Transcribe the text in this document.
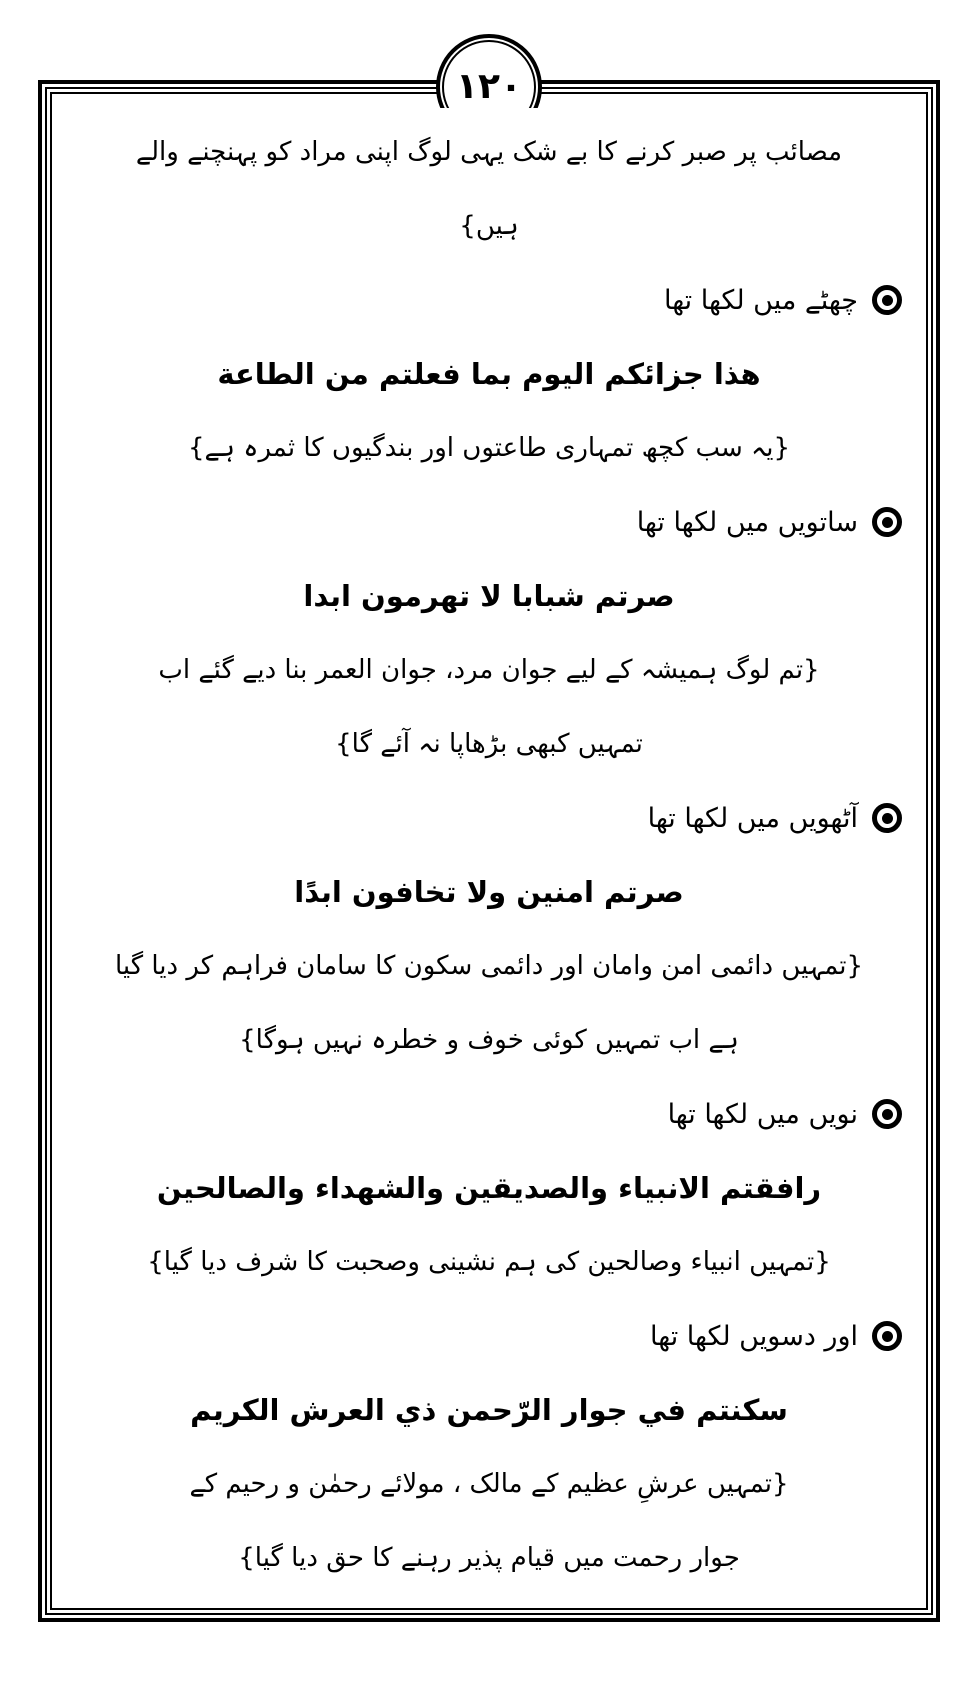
مصائب پر صبر کرنے کا بے شک یہی لوگ اپنی مراد کو پہنچنے والے
ہیں}
چھٹے میں لکھا تھا
هذا جزائكم اليوم بما فعلتم من الطاعة
{یہ سب کچھ تمہاری طاعتوں اور بندگیوں کا ثمرہ ہے}
ساتویں میں لکھا تھا
صرتم شبابا لا تهرمون ابدا
{تم لوگ ہمیشہ کے لیے جوان مرد، جوان العمر بنا دیے گئے اب
تمہیں کبھی بڑھاپا نہ آئے گا}
آٹھویں میں لکھا تھا
صرتم امنين ولا تخافون ابدًا
{تمہیں دائمی امن وامان اور دائمی سکون کا سامان فراہم کر دیا گیا
ہے اب تمہیں کوئی خوف و خطرہ نہیں ہوگا}
نویں میں لکھا تھا
رافقتم الانبياء والصديقين والشهداء والصالحين
{تمہیں انبیاء وصالحین کی ہم نشینی وصحبت کا شرف دیا گیا}
اور دسویں لکھا تھا
سكنتم في جوار الرّحمن ذي العرش الكريم
{تمہیں عرشِ عظیم کے مالک ، مولائے رحمٰن و رحیم کے
جوار رحمت میں قیام پذیر رہنے کا حق دیا گیا}
۱۲۰
